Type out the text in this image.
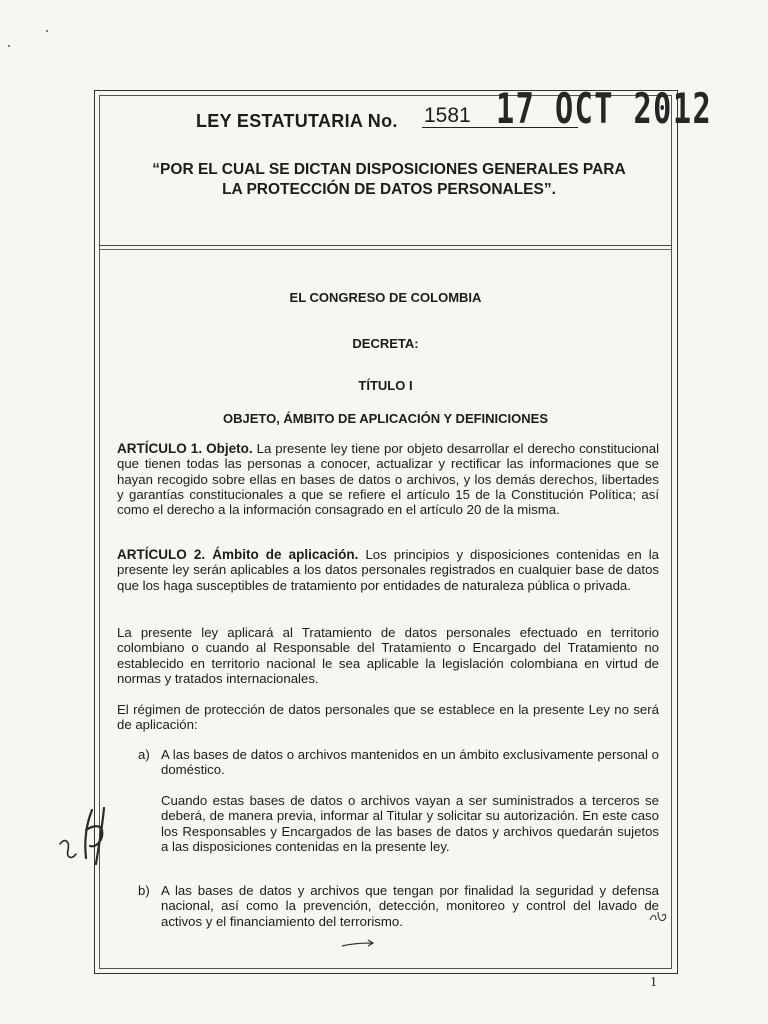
LEY ESTATUTARIA No. 1581 17 OCT 2012
“POR EL CUAL SE DICTAN DISPOSICIONES GENERALES PARA
LA PROTECCIÓN DE DATOS PERSONALES”.
EL CONGRESO DE COLOMBIA
DECRETA:
TÍTULO I
OBJETO, ÁMBITO DE APLICACIÓN Y DEFINICIONES
ARTÍCULO 1. Objeto. La presente ley tiene por objeto desarrollar el derecho constitucional que tienen todas las personas a conocer, actualizar y rectificar las informaciones que se hayan recogido sobre ellas en bases de datos o archivos, y los demás derechos, libertades y garantías constitucionales a que se refiere el artículo 15 de la Constitución Política; así como el derecho a la información consagrado en el artículo 20 de la misma.
ARTÍCULO 2. Ámbito de aplicación. Los principios y disposiciones contenidas en la presente ley serán aplicables a los datos personales registrados en cualquier base de datos que los haga susceptibles de tratamiento por entidades de naturaleza pública o privada.
La presente ley aplicará al Tratamiento de datos personales efectuado en territorio colombiano o cuando al Responsable del Tratamiento o Encargado del Tratamiento no establecido en territorio nacional le sea aplicable la legislación colombiana en virtud de normas y tratados internacionales.
El régimen de protección de datos personales que se establece en la presente Ley no será de aplicación:
a) A las bases de datos o archivos mantenidos en un ámbito exclusivamente personal o doméstico.
Cuando estas bases de datos o archivos vayan a ser suministrados a terceros se deberá, de manera previa, informar al Titular y solicitar su autorización. En este caso los Responsables y Encargados de las bases de datos y archivos quedarán sujetos a las disposiciones contenidas en la presente ley.
b) A las bases de datos y archivos que tengan por finalidad la seguridad y defensa nacional, así como la prevención, detección, monitoreo y control del lavado de activos y el financiamiento del terrorismo.
1
